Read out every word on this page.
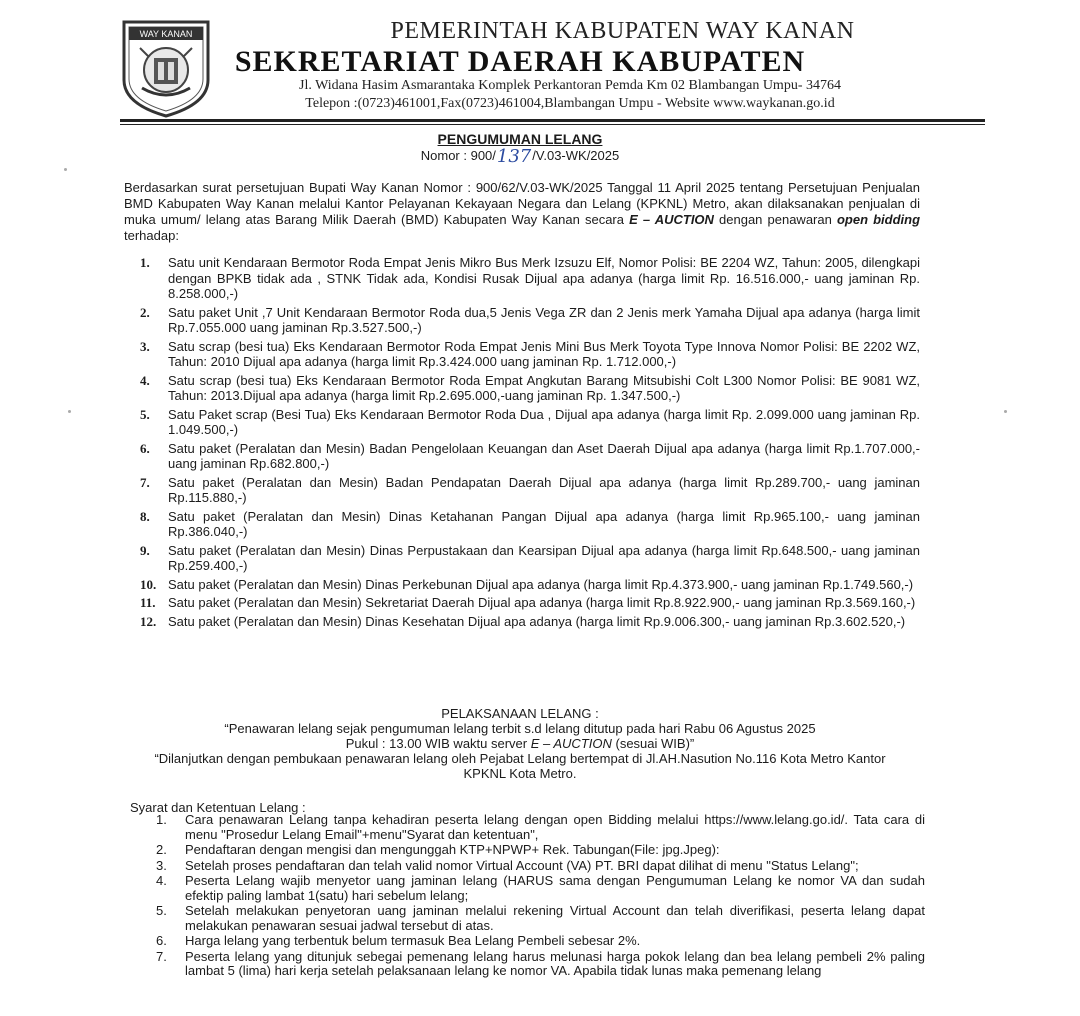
WAY KANAN	PEMERINTAH KABUPATEN WAY KANAN
SEKRETARIAT DAERAH KABUPATEN
Jl. Widana Hasim Asmarantaka Komplek Perkantoran Pemda Km 02 Blambangan Umpu- 34764
Telepon :(0723)461001,Fax(0723)461004,Blambangan Umpu - Website www.waykanan.go.id
PENGUMUMAN LELANG
Nomor : 900/137/V.03-WK/2025
Berdasarkan surat persetujuan Bupati Way Kanan Nomor : 900/62/V.03-WK/2025 Tanggal 11 April 2025 tentang Persetujuan Penjualan BMD Kabupaten Way Kanan melalui Kantor Pelayanan Kekayaan Negara dan Lelang (KPKNL) Metro, akan dilaksanakan penjualan di muka umum/ lelang atas Barang Milik Daerah (BMD) Kabupaten Way Kanan secara E – AUCTION dengan penawaran open bidding terhadap:
1. Satu unit Kendaraan Bermotor Roda Empat Jenis Mikro Bus Merk Izsuzu Elf, Nomor Polisi: BE 2204 WZ, Tahun: 2005, dilengkapi dengan BPKB tidak ada , STNK Tidak ada, Kondisi Rusak Dijual apa adanya (harga limit Rp. 16.516.000,- uang jaminan Rp. 8.258.000,-)
2. Satu paket Unit ,7 Unit Kendaraan Bermotor Roda dua,5 Jenis Vega ZR dan 2 Jenis merk Yamaha Dijual apa adanya (harga limit Rp.7.055.000 uang jaminan Rp.3.527.500,-)
3. Satu scrap (besi tua) Eks Kendaraan Bermotor Roda Empat Jenis Mini Bus Merk Toyota Type Innova Nomor Polisi: BE 2202 WZ, Tahun: 2010 Dijual apa adanya (harga limit Rp.3.424.000 uang jaminan Rp. 1.712.000,-)
4. Satu scrap (besi tua) Eks Kendaraan Bermotor Roda Empat Angkutan Barang Mitsubishi Colt L300 Nomor Polisi: BE 9081 WZ, Tahun: 2013.Dijual apa adanya (harga limit Rp.2.695.000,-uang jaminan Rp. 1.347.500,-)
5. Satu Paket scrap (Besi Tua) Eks Kendaraan Bermotor Roda Dua , Dijual apa adanya (harga limit Rp. 2.099.000 uang jaminan Rp. 1.049.500,-)
6. Satu paket (Peralatan dan Mesin) Badan Pengelolaan Keuangan dan Aset Daerah Dijual apa adanya (harga limit Rp.1.707.000,- uang jaminan Rp.682.800,-)
7. Satu paket (Peralatan dan Mesin) Badan Pendapatan Daerah Dijual apa adanya (harga limit Rp.289.700,- uang jaminan Rp.115.880,-)
8. Satu paket (Peralatan dan Mesin) Dinas Ketahanan Pangan Dijual apa adanya (harga limit Rp.965.100,- uang jaminan Rp.386.040,-)
9. Satu paket (Peralatan dan Mesin) Dinas Perpustakaan dan Kearsipan Dijual apa adanya (harga limit Rp.648.500,- uang jaminan Rp.259.400,-)
10. Satu paket (Peralatan dan Mesin) Dinas Perkebunan Dijual apa adanya (harga limit Rp.4.373.900,- uang jaminan Rp.1.749.560,-)
11. Satu paket (Peralatan dan Mesin) Sekretariat Daerah Dijual apa adanya (harga limit Rp.8.922.900,- uang jaminan Rp.3.569.160,-)
12. Satu paket (Peralatan dan Mesin) Dinas Kesehatan Dijual apa adanya (harga limit Rp.9.006.300,- uang jaminan Rp.3.602.520,-)
PELAKSANAAN LELANG :
“Penawaran lelang sejak pengumuman lelang terbit s.d lelang ditutup pada hari Rabu 06 Agustus 2025
Pukul : 13.00 WIB waktu server E – AUCTION (sesuai WIB)”
“Dilanjutkan dengan pembukaan penawaran lelang oleh Pejabat Lelang bertempat di Jl.AH.Nasution No.116 Kota Metro Kantor
KPKNL Kota Metro.
Syarat dan Ketentuan Lelang :
1. Cara penawaran Lelang tanpa kehadiran peserta lelang dengan open Bidding melalui https://www.lelang.go.id/. Tata cara di menu "Prosedur Lelang Email"+menu"Syarat dan ketentuan",
2. Pendaftaran dengan mengisi dan mengunggah KTP+NPWP+ Rek. Tabungan(File: jpg.Jpeg):
3. Setelah proses pendaftaran dan telah valid nomor Virtual Account (VA) PT. BRI dapat dilihat di menu "Status Lelang";
4. Peserta Lelang wajib menyetor uang jaminan lelang (HARUS sama dengan Pengumuman Lelang ke nomor VA dan sudah efektip paling lambat 1(satu) hari sebelum lelang;
5. Setelah melakukan penyetoran uang jaminan melalui rekening Virtual Account dan telah diverifikasi, peserta lelang dapat melakukan penawaran sesuai jadwal tersebut di atas.
6. Harga lelang yang terbentuk belum termasuk Bea Lelang Pembeli sebesar 2%.
7. Peserta lelang yang ditunjuk sebegai pemenang lelang harus melunasi harga pokok lelang dan bea lelang pembeli 2% paling lambat 5 (lima) hari kerja setelah pelaksanaan lelang ke nomor VA. Apabila tidak lunas maka pemenang lelang
